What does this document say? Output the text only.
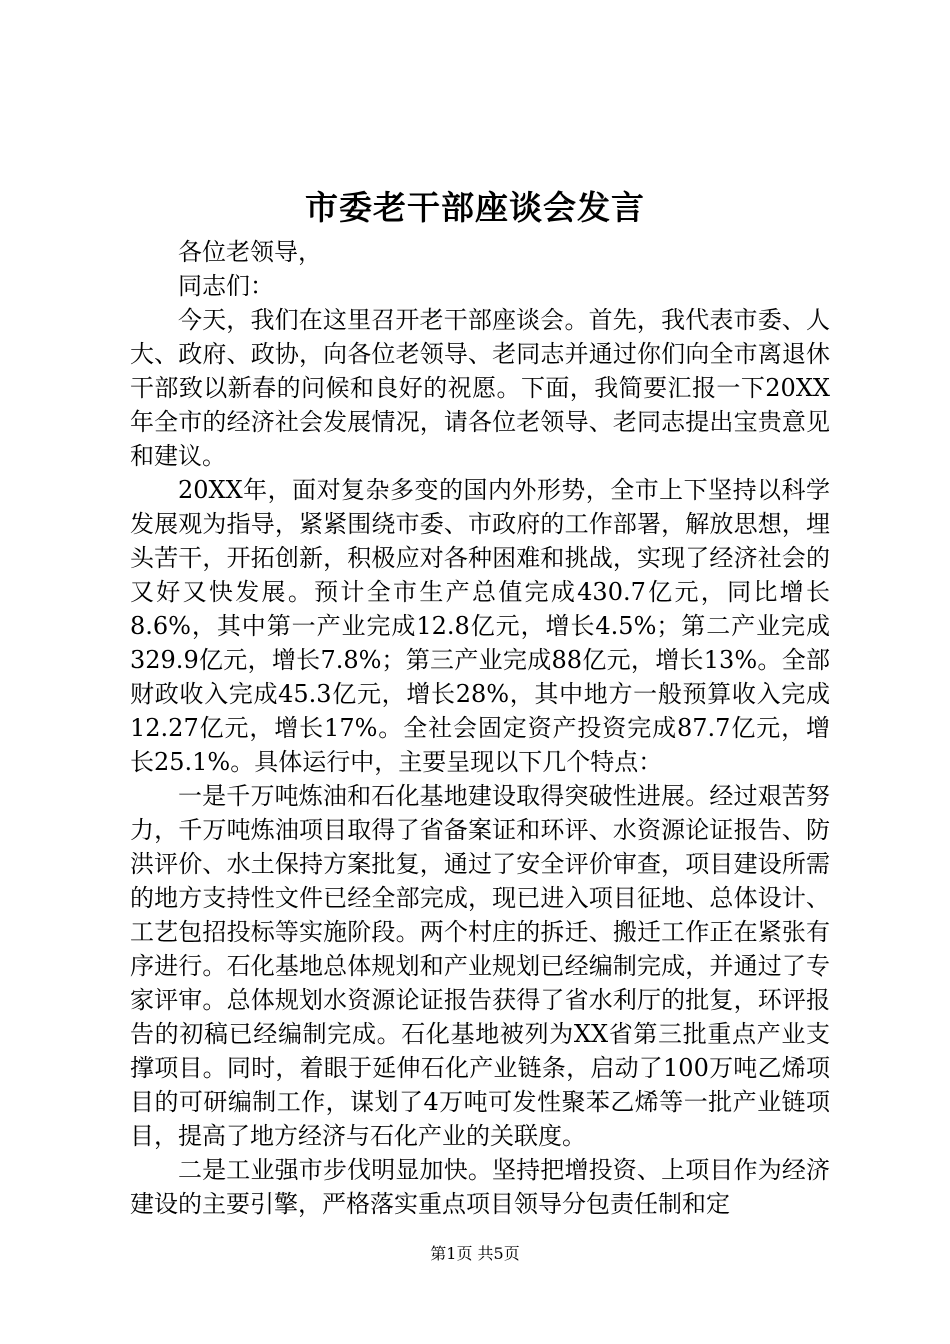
市委老干部座谈会发言

各位老领导，

同志们：

今天，我们在这里召开老干部座谈会。首先，我代表市委、人大、政府、政协，向各位老领导、老同志并通过你们向全市离退休干部致以新春的问候和良好的祝愿。下面，我简要汇报一下20XX年全市的经济社会发展情况，请各位老领导、老同志提出宝贵意见和建议。

20XX年，面对复杂多变的国内外形势，全市上下坚持以科学发展观为指导，紧紧围绕市委、市政府的工作部署，解放思想，埋头苦干，开拓创新，积极应对各种困难和挑战，实现了经济社会的又好又快发展。预计全市生产总值完成430.7亿元，同比增长8.6%，其中第一产业完成12.8亿元，增长4.5%；第二产业完成329.9亿元，增长7.8%；第三产业完成88亿元，增长13%。全部财政收入完成45.3亿元，增长28%，其中地方一般预算收入完成12.27亿元，增长17%。全社会固定资产投资完成87.7亿元，增长25.1%。具体运行中，主要呈现以下几个特点：

一是千万吨炼油和石化基地建设取得突破性进展。经过艰苦努力，千万吨炼油项目取得了省备案证和环评、水资源论证报告、防洪评价、水土保持方案批复，通过了安全评价审查，项目建设所需的地方支持性文件已经全部完成，现已进入项目征地、总体设计、工艺包招投标等实施阶段。两个村庄的拆迁、搬迁工作正在紧张有序进行。石化基地总体规划和产业规划已经编制完成，并通过了专家评审。总体规划水资源论证报告获得了省水利厅的批复，环评报告的初稿已经编制完成。石化基地被列为XX省第三批重点产业支撑项目。同时，着眼于延伸石化产业链条，启动了100万吨乙烯项目的可研编制工作，谋划了4万吨可发性聚苯乙烯等一批产业链项目，提高了地方经济与石化产业的关联度。

二是工业强市步伐明显加快。坚持把增投资、上项目作为经济建设的主要引擎，严格落实重点项目领导分包责任制和定

第1页 共5页
